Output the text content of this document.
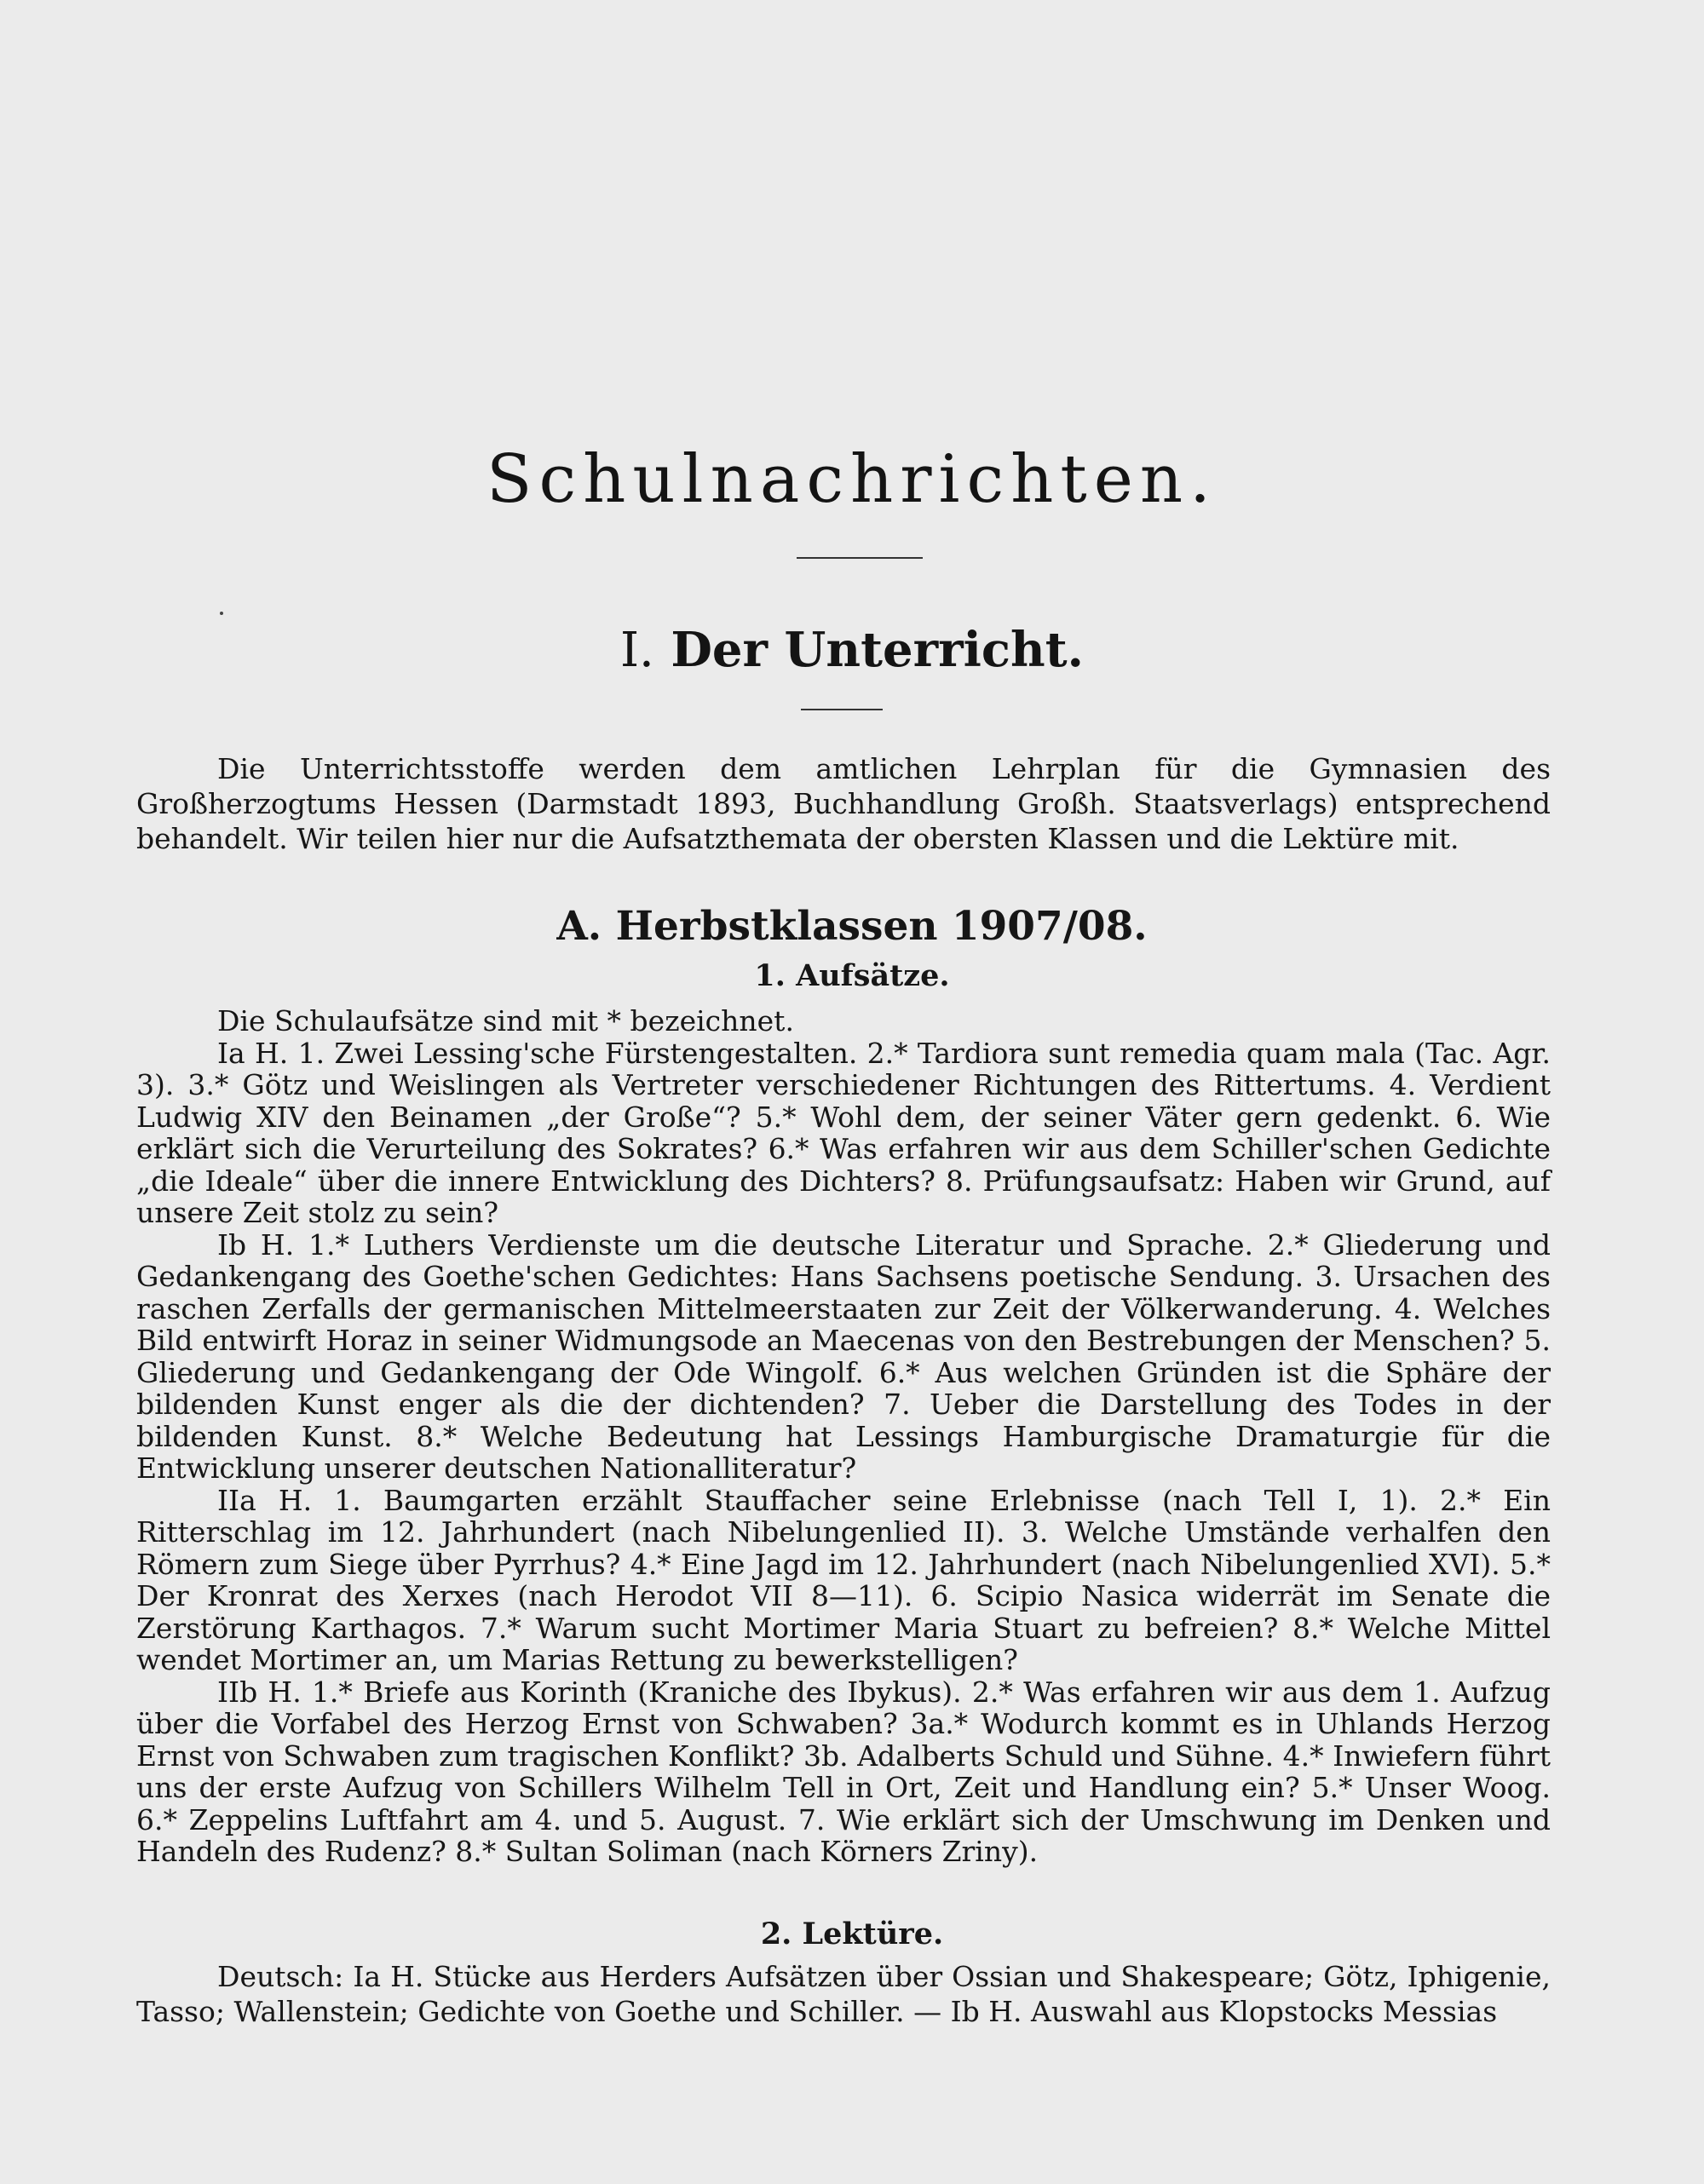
Schulnachrichten.
I. Der Unterricht.

Die Unterrichtsstoffe werden dem amtlichen Lehrplan für die Gymnasien des Großherzogtums Hessen (Darmstadt 1893, Buchhandlung Großh. Staatsverlags) entsprechend behandelt. Wir teilen hier nur die Aufsatzthemata der obersten Klassen und die Lektüre mit.

A. Herbstklassen 1907/08.
1. Aufsätze.

Die Schulaufsätze sind mit * bezeichnet.

Ia H. 1. Zwei Lessing'sche Fürstengestalten. 2.* Tardiora sunt remedia quam mala (Tac. Agr. 3). 3.* Götz und Weislingen als Vertreter verschiedener Richtungen des Rittertums. 4. Verdient Ludwig XIV den Beinamen „der Große“? 5.* Wohl dem, der seiner Väter gern gedenkt. 6. Wie erklärt sich die Verurteilung des Sokrates? 6.* Was erfahren wir aus dem Schiller'schen Gedichte „die Ideale“ über die innere Entwicklung des Dichters? 8. Prüfungsaufsatz: Haben wir Grund, auf unsere Zeit stolz zu sein?

Ib H. 1.* Luthers Verdienste um die deutsche Literatur und Sprache. 2.* Gliederung und Gedankengang des Goethe'schen Gedichtes: Hans Sachsens poetische Sendung. 3. Ursachen des raschen Zerfalls der germanischen Mittelmeerstaaten zur Zeit der Völkerwanderung. 4. Welches Bild entwirft Horaz in seiner Widmungsode an Maecenas von den Bestrebungen der Menschen? 5. Gliederung und Gedankengang der Ode Wingolf. 6.* Aus welchen Gründen ist die Sphäre der bildenden Kunst enger als die der dichtenden? 7. Ueber die Darstellung des Todes in der bildenden Kunst. 8.* Welche Bedeutung hat Lessings Hamburgische Dramaturgie für die Entwicklung unserer deutschen Nationalliteratur?

IIa H. 1. Baumgarten erzählt Stauffacher seine Erlebnisse (nach Tell I, 1). 2.* Ein Ritterschlag im 12. Jahrhundert (nach Nibelungenlied II). 3. Welche Umstände verhalfen den Römern zum Siege über Pyrrhus? 4.* Eine Jagd im 12. Jahrhundert (nach Nibelungenlied XVI). 5.* Der Kronrat des Xerxes (nach Herodot VII 8—11). 6. Scipio Nasica widerrät im Senate die Zerstörung Karthagos. 7.* Warum sucht Mortimer Maria Stuart zu befreien? 8.* Welche Mittel wendet Mortimer an, um Marias Rettung zu bewerkstelligen?

IIb H. 1.* Briefe aus Korinth (Kraniche des Ibykus). 2.* Was erfahren wir aus dem 1. Aufzug über die Vorfabel des Herzog Ernst von Schwaben? 3a.* Wodurch kommt es in Uhlands Herzog Ernst von Schwaben zum tragischen Konflikt? 3b. Adalberts Schuld und Sühne. 4.* Inwiefern führt uns der erste Aufzug von Schillers Wilhelm Tell in Ort, Zeit und Handlung ein? 5.* Unser Woog. 6.* Zeppelins Luftfahrt am 4. und 5. August. 7. Wie erklärt sich der Umschwung im Denken und Handeln des Rudenz? 8.* Sultan Soliman (nach Körners Zriny).

2. Lektüre.

Deutsch: Ia H. Stücke aus Herders Aufsätzen über Ossian und Shakespeare; Götz, Iphigenie, Tasso; Wallenstein; Gedichte von Goethe und Schiller. — Ib H. Auswahl aus Klopstocks Messias
